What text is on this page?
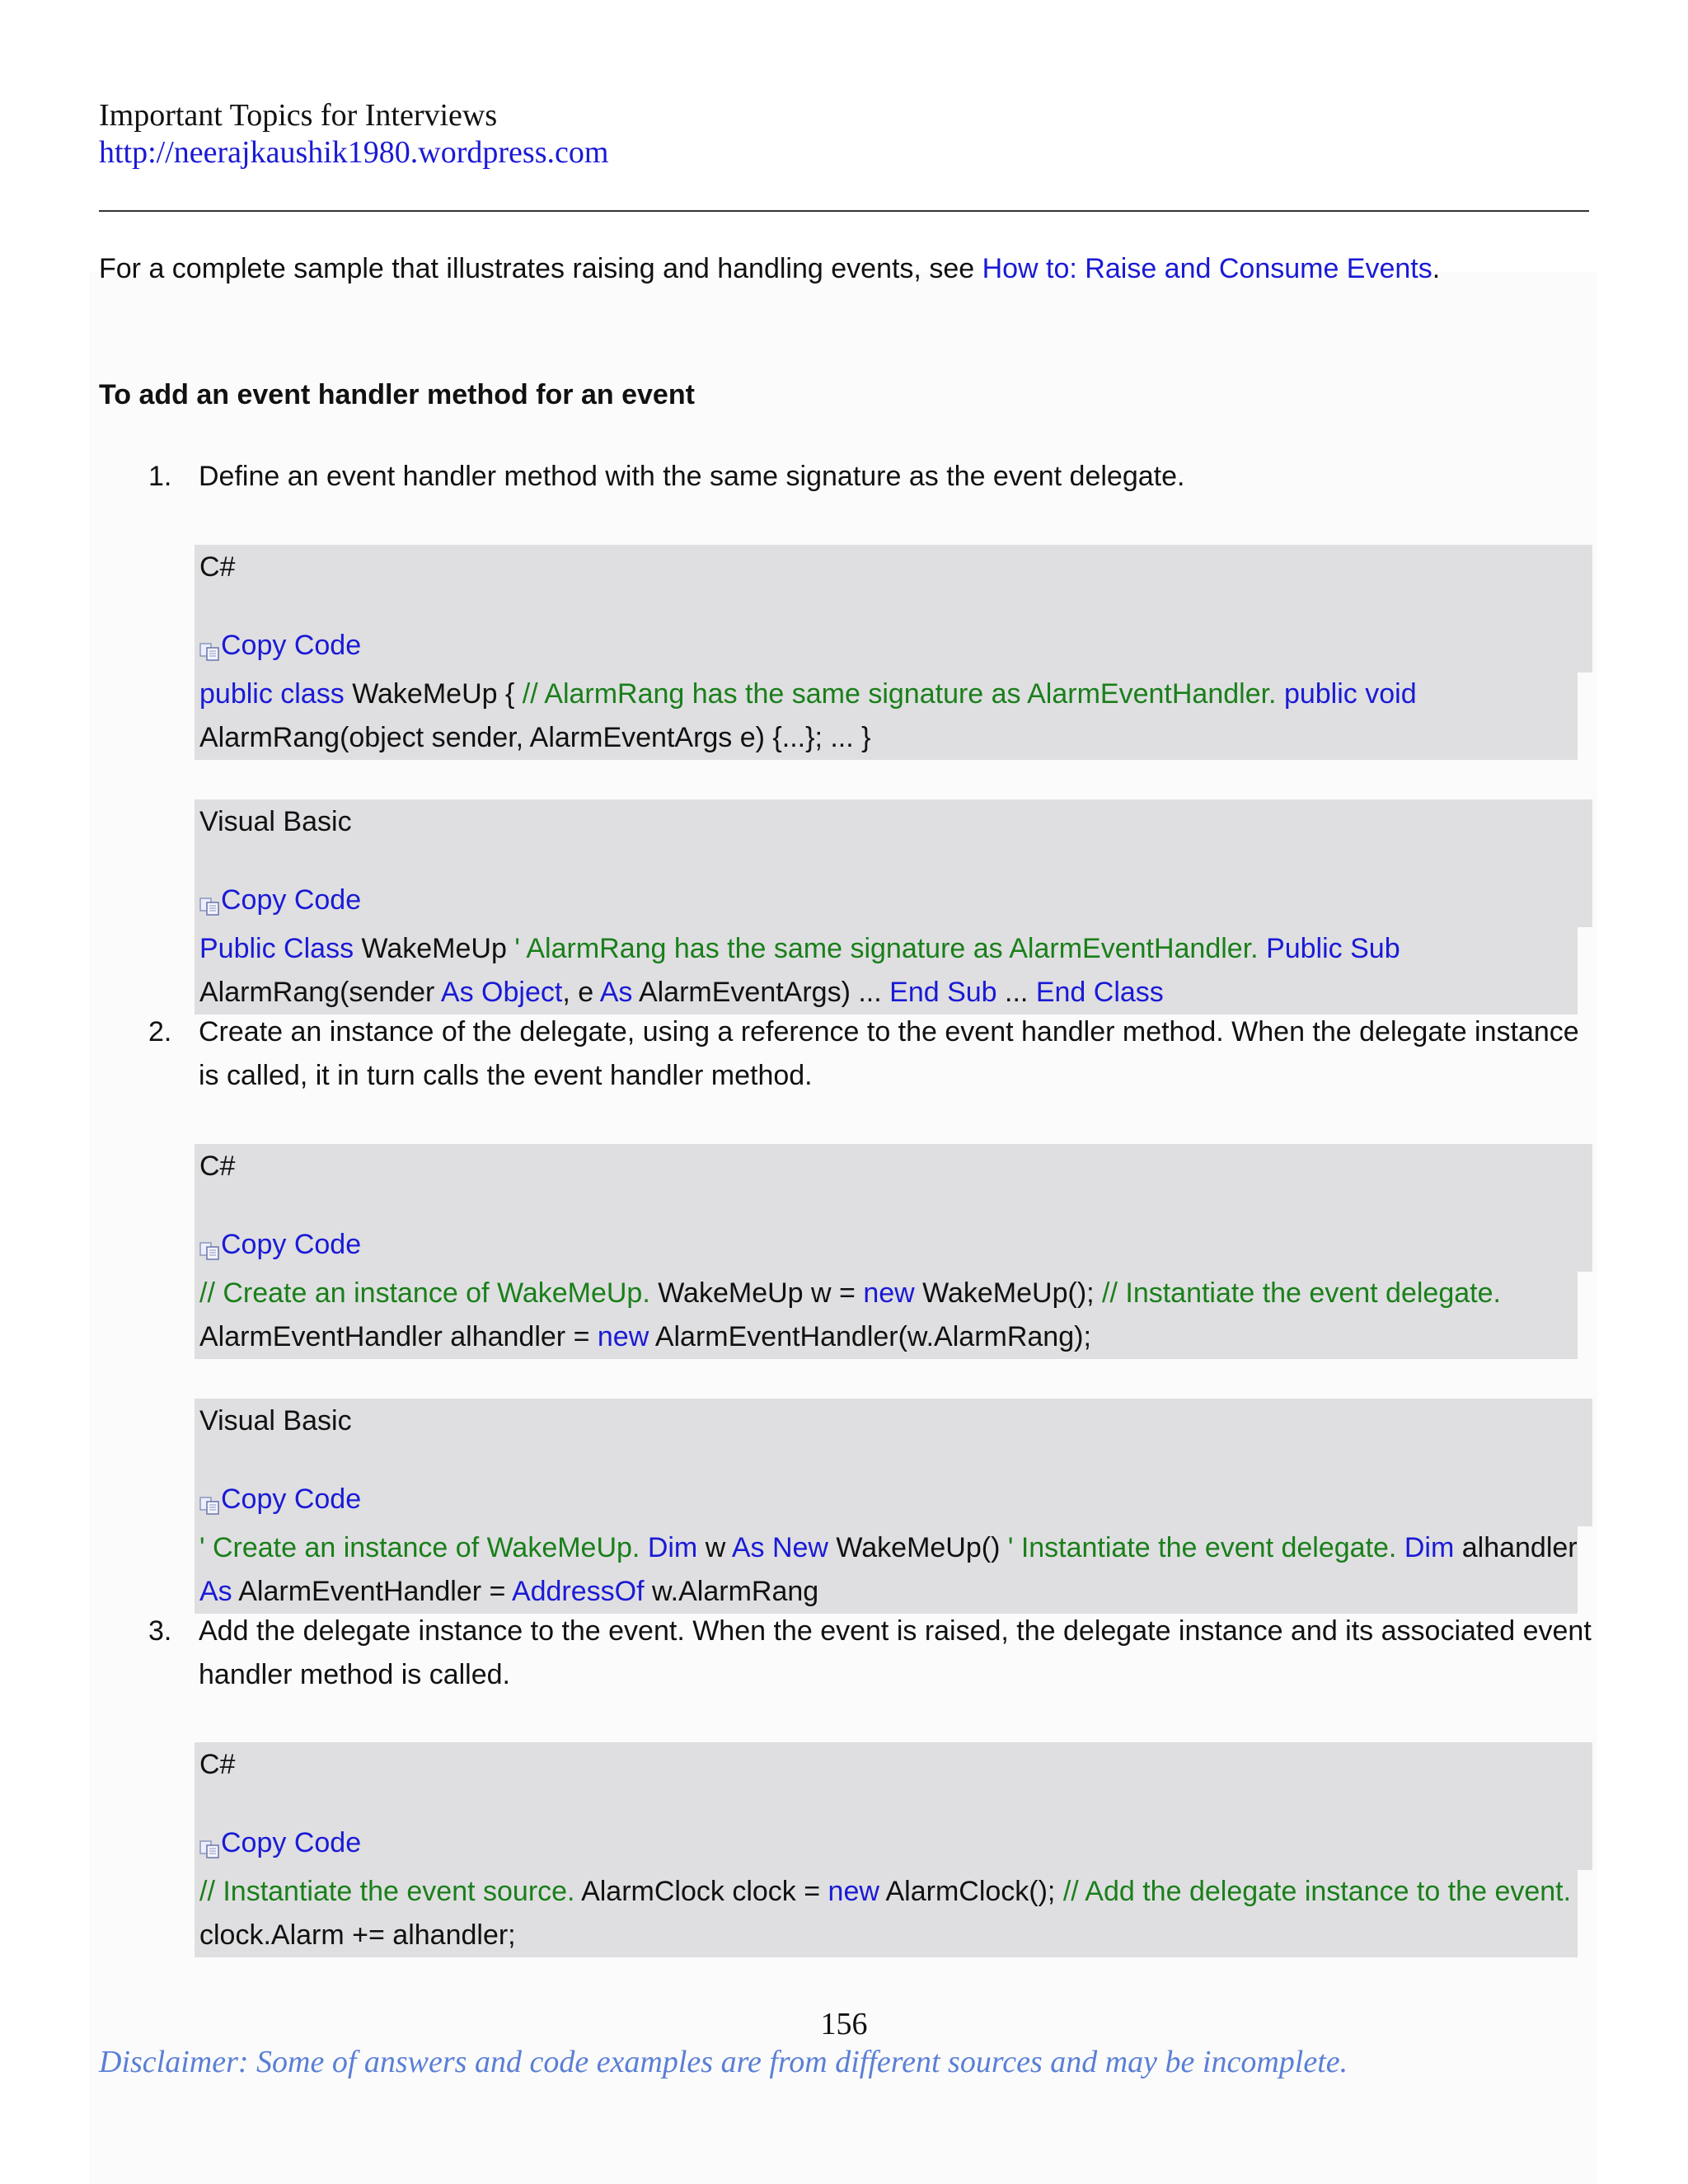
Important Topics for Interviews
http://neerajkaushik1980.wordpress.com
For a complete sample that illustrates raising and handling events, see How to: Raise and Consume Events.
To add an event handler method for an event
1. Define an event handler method with the same signature as the event delegate.
C#
Copy Code
public class WakeMeUp { // AlarmRang has the same signature as AlarmEventHandler. public void
AlarmRang(object sender, AlarmEventArgs e) {...}; ... }
Visual Basic
Copy Code
Public Class WakeMeUp ' AlarmRang has the same signature as AlarmEventHandler. Public Sub
AlarmRang(sender As Object, e As AlarmEventArgs) ... End Sub ... End Class
2. Create an instance of the delegate, using a reference to the event handler method. When the delegate instance is called, it in turn calls the event handler method.
C#
Copy Code
// Create an instance of WakeMeUp. WakeMeUp w = new WakeMeUp(); // Instantiate the event delegate.
AlarmEventHandler alhandler = new AlarmEventHandler(w.AlarmRang);
Visual Basic
Copy Code
' Create an instance of WakeMeUp. Dim w As New WakeMeUp() ' Instantiate the event delegate. Dim alhandler
As AlarmEventHandler = AddressOf w.AlarmRang
3. Add the delegate instance to the event. When the event is raised, the delegate instance and its associated event handler method is called.
C#
Copy Code
// Instantiate the event source. AlarmClock clock = new AlarmClock(); // Add the delegate instance to the event.
clock.Alarm += alhandler;
156
Disclaimer: Some of answers and code examples are from different sources and may be incomplete.
